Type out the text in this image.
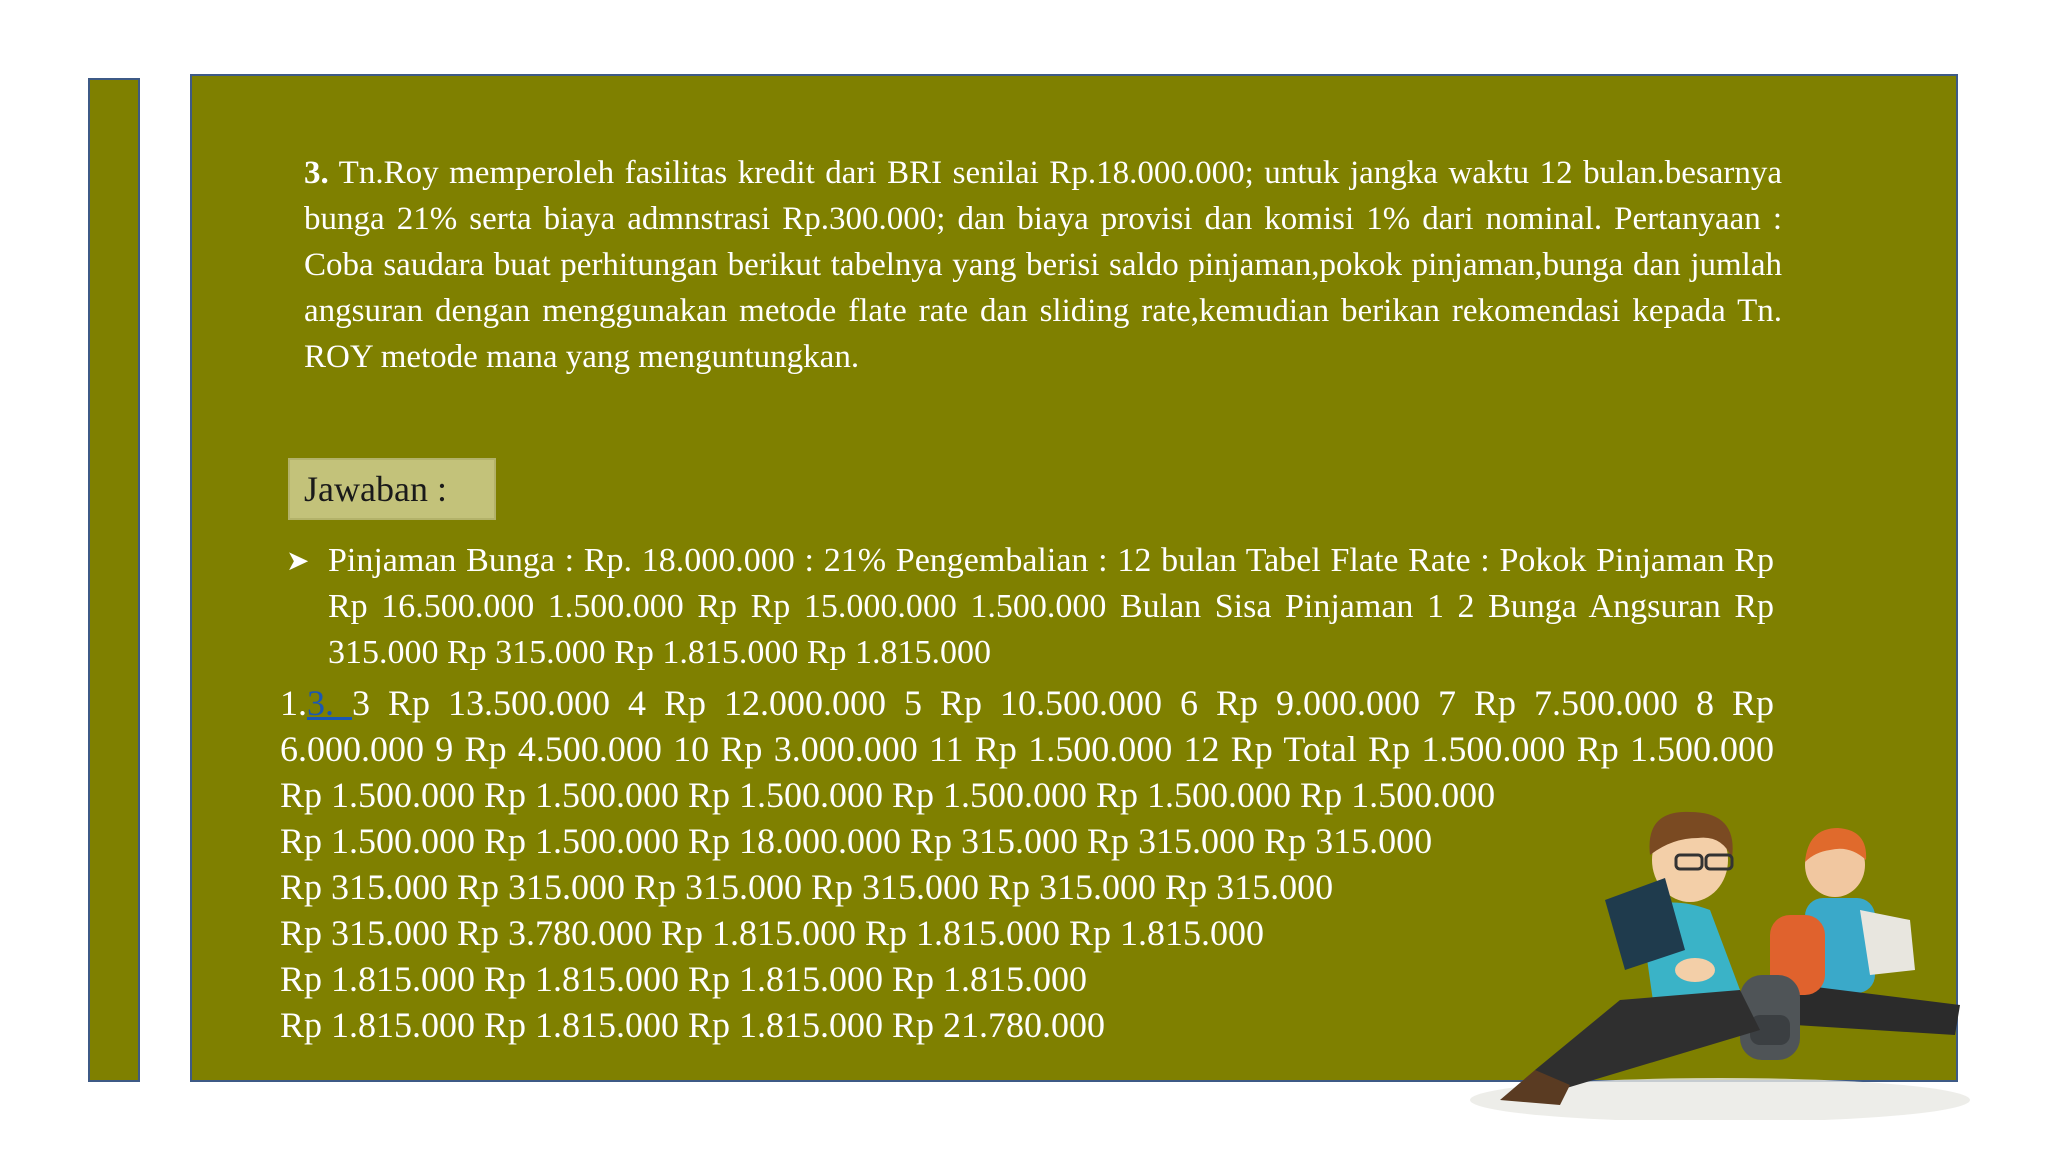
3. Tn.Roy memperoleh fasilitas kredit dari BRI senilai Rp.18.000.000; untuk jangka waktu 12 bulan.besarnya bunga 21% serta biaya admnstrasi Rp.300.000; dan biaya provisi dan komisi 1% dari nominal. Pertanyaan : Coba saudara buat perhitungan berikut tabelnya yang berisi saldo pinjaman,pokok pinjaman,bunga dan jumlah angsuran dengan menggunakan metode flate rate dan sliding rate,kemudian berikan rekomendasi kepada Tn. ROY metode mana yang menguntungkan.

Jawaban :
➤ Pinjaman Bunga : Rp. 18.000.000 : 21% Pengembalian : 12 bulan Tabel Flate Rate : Pokok Pinjaman Rp Rp 16.500.000 1.500.000 Rp Rp 15.000.000 1.500.000 Bulan Sisa Pinjaman 1 2 Bunga Angsuran Rp 315.000 Rp 315.000 Rp 1.815.000 Rp 1.815.000

1.3. 3 Rp 13.500.000 4 Rp 12.000.000 5 Rp 10.500.000 6 Rp 9.000.000 7 Rp 7.500.000 8 Rp 6.000.000 9 Rp 4.500.000 10 Rp 3.000.000 11 Rp 1.500.000 12 Rp Total Rp 1.500.000 Rp 1.500.000 Rp 1.500.000 Rp 1.500.000 Rp 1.500.000 Rp 1.500.000 Rp 1.500.000 Rp 1.500.000

Rp 1.500.000 Rp 1.500.000 Rp 18.000.000 Rp 315.000 Rp 315.000 Rp 315.000
Rp 315.000 Rp 315.000 Rp 315.000 Rp 315.000 Rp 315.000 Rp 315.000
Rp 315.000 Rp 3.780.000 Rp 1.815.000 Rp 1.815.000 Rp 1.815.000
Rp 1.815.000 Rp 1.815.000 Rp 1.815.000 Rp 1.815.000
Rp 1.815.000 Rp 1.815.000 Rp 1.815.000 Rp 21.780.000
